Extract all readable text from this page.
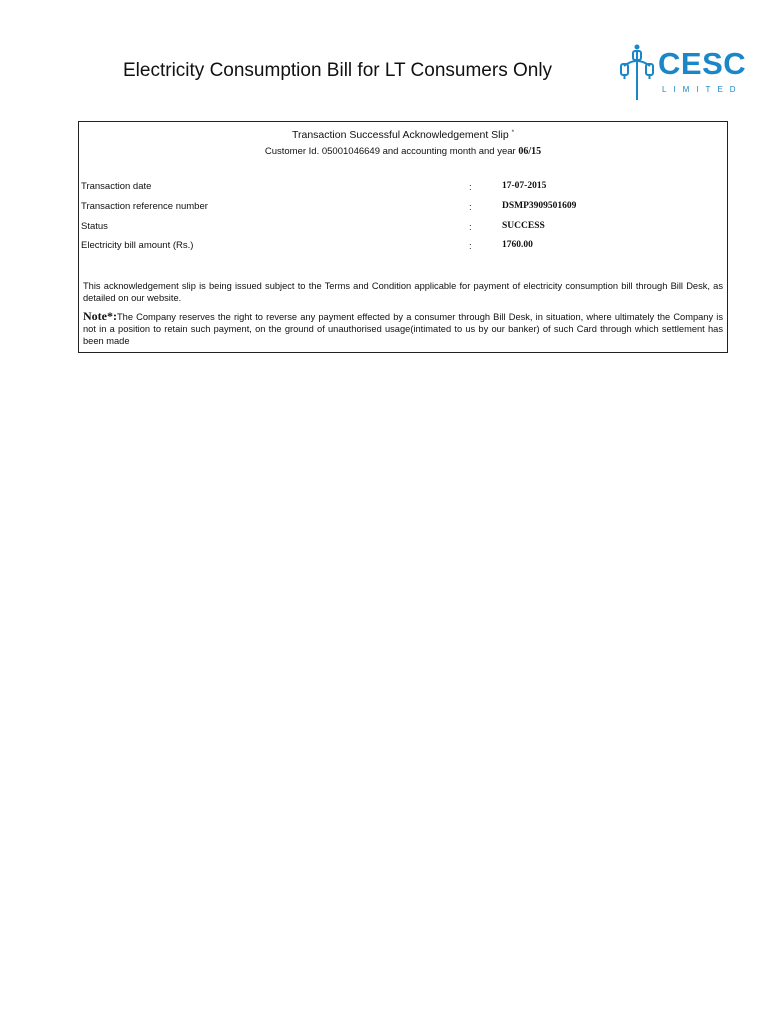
Electricity Consumption Bill for LT Consumers Only	CESC
LIMITED
Transaction Successful Acknowledgement Slip *
Customer Id. 05001046649 and accounting month and year 06/15
Transaction date	:	17-07-2015
Transaction reference number	:	DSMP3909501609
Status	:	SUCCESS
Electricity bill amount (Rs.)	:	1760.00
This acknowledgement slip is being issued subject to the Terms and Condition applicable for payment of electricity consumption bill through Bill Desk, as detailed on our website.
Note*:The Company reserves the right to reverse any payment effected by a consumer through Bill Desk, in situation, where ultimately the Company is not in a position to retain such payment, on the ground of unauthorised usage(intimated to us by our banker) of such Card through which settlement has been made
